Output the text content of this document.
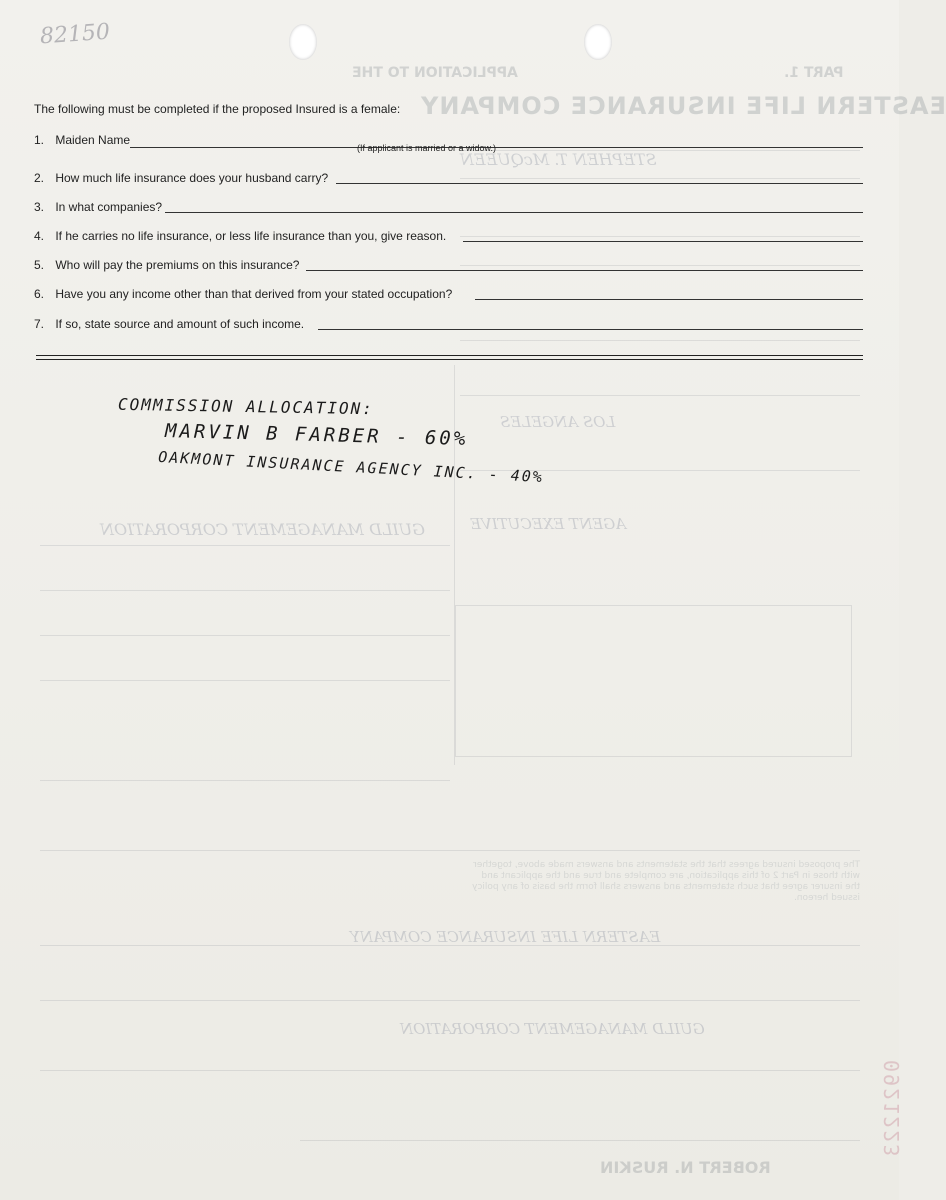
82150
APPLICATION TO THE	PART 1.
EASTERN LIFE INSURANCE COMPANY
STEPHEN T. McQUEEN
AGENT EXECUTIVE
GUILD MANAGEMENT CORPORATION
LOS ANGELES
EASTERN LIFE INSURANCE COMPANY
GUILD MANAGEMENT CORPORATION
The proposed insured agrees that the statements and answers made above, together with those in Part 2 of this application, are complete and true and the applicant and the insurer agree that such statements and answers shall form the basis of any policy issued hereon.
0921223
ROBERT N. RUSKIN
The following must be completed if the proposed Insured is a female:
1. Maiden Name
(If applicant is married or a widow.)
2. How much life insurance does your husband carry?
3. In what companies?
4. If he carries no life insurance, or less life insurance than you, give reason.
5. Who will pay the premiums on this insurance?
6. Have you any income other than that derived from your stated occupation?
7. If so, state source and amount of such income.
COMMISSION ALLOCATION:
MARVIN B FARBER - 60%
OAKMONT INSURANCE AGENCY INC. - 40%
